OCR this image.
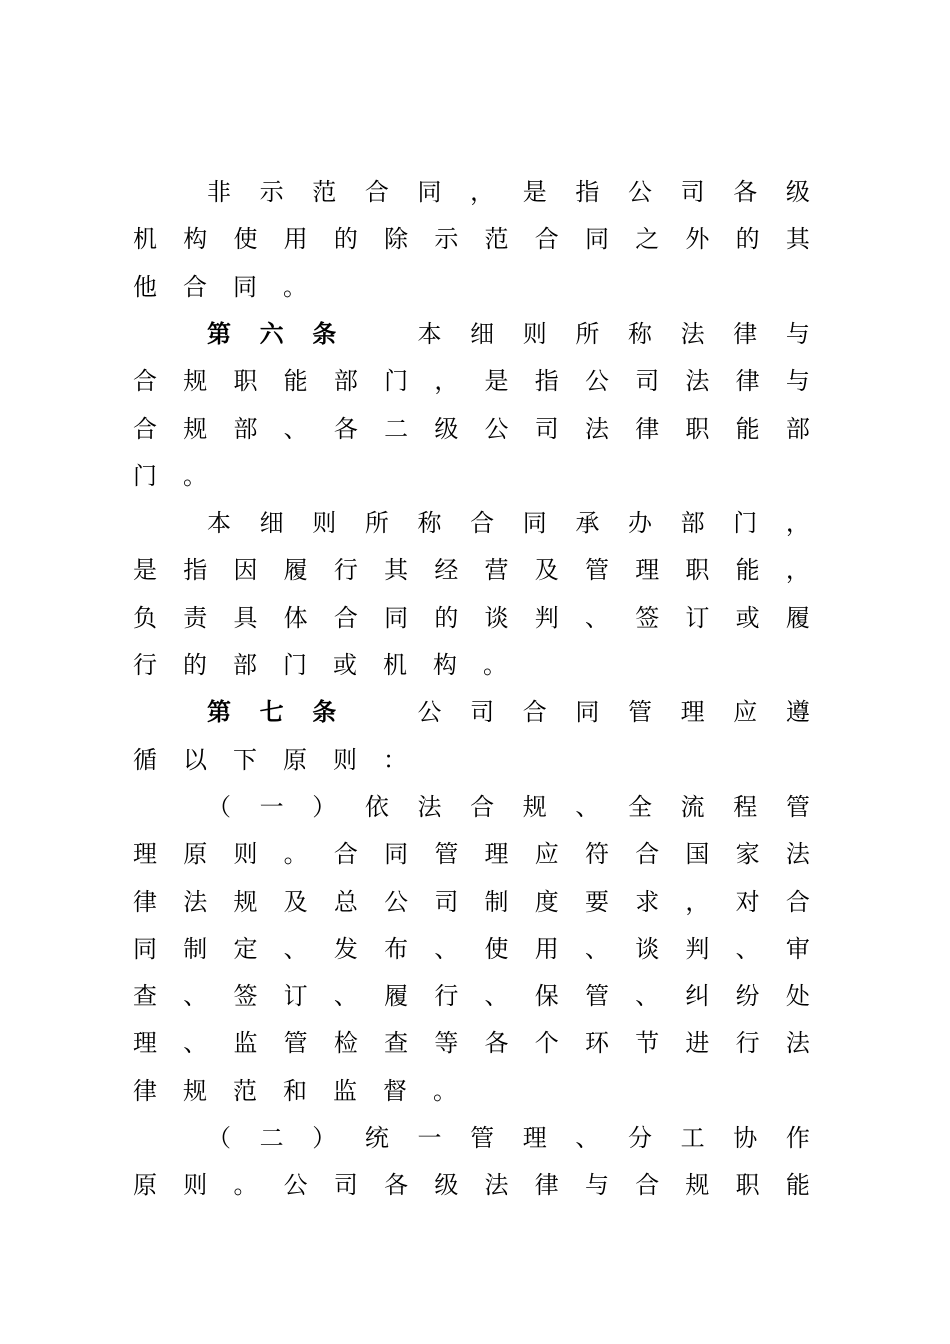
非 示 范 合 同 ， 是 指 公 司 各 级
机 构 使 用 的 除 示 范 合 同 之 外 的 其
他 合 同 。
第 六 条	本 细 则 所 称 法 律 与
合 规 职 能 部 门 ， 是 指 公 司 法 律 与
合 规 部 、 各 二 级 公 司 法 律 职 能 部
门 。
本 细 则 所 称 合 同 承 办 部 门 ，
是 指 因 履 行 其 经 营 及 管 理 职 能 ，
负 责 具 体 合 同 的 谈 判 、 签 订 或 履
行 的 部 门 或 机 构 。
第 七 条	公 司 合 同 管 理 应 遵
循 以 下 原 则 ：
（ 一 ） 依 法 合 规 、 全 流 程 管
理 原 则 。 合 同 管 理 应 符 合 国 家 法
律 法 规 及 总 公 司 制 度 要 求 ， 对 合
同 制 定 、 发 布 、 使 用 、 谈 判 、 审
查 、 签 订 、 履 行 、 保 管 、 纠 纷 处
理 、 监 管 检 查 等 各 个 环 节 进 行 法
律 规 范 和 监 督 。
（ 二 ） 统 一 管 理 、 分 工 协 作
原 则 。 公 司 各 级 法 律 与 合 规 职 能
